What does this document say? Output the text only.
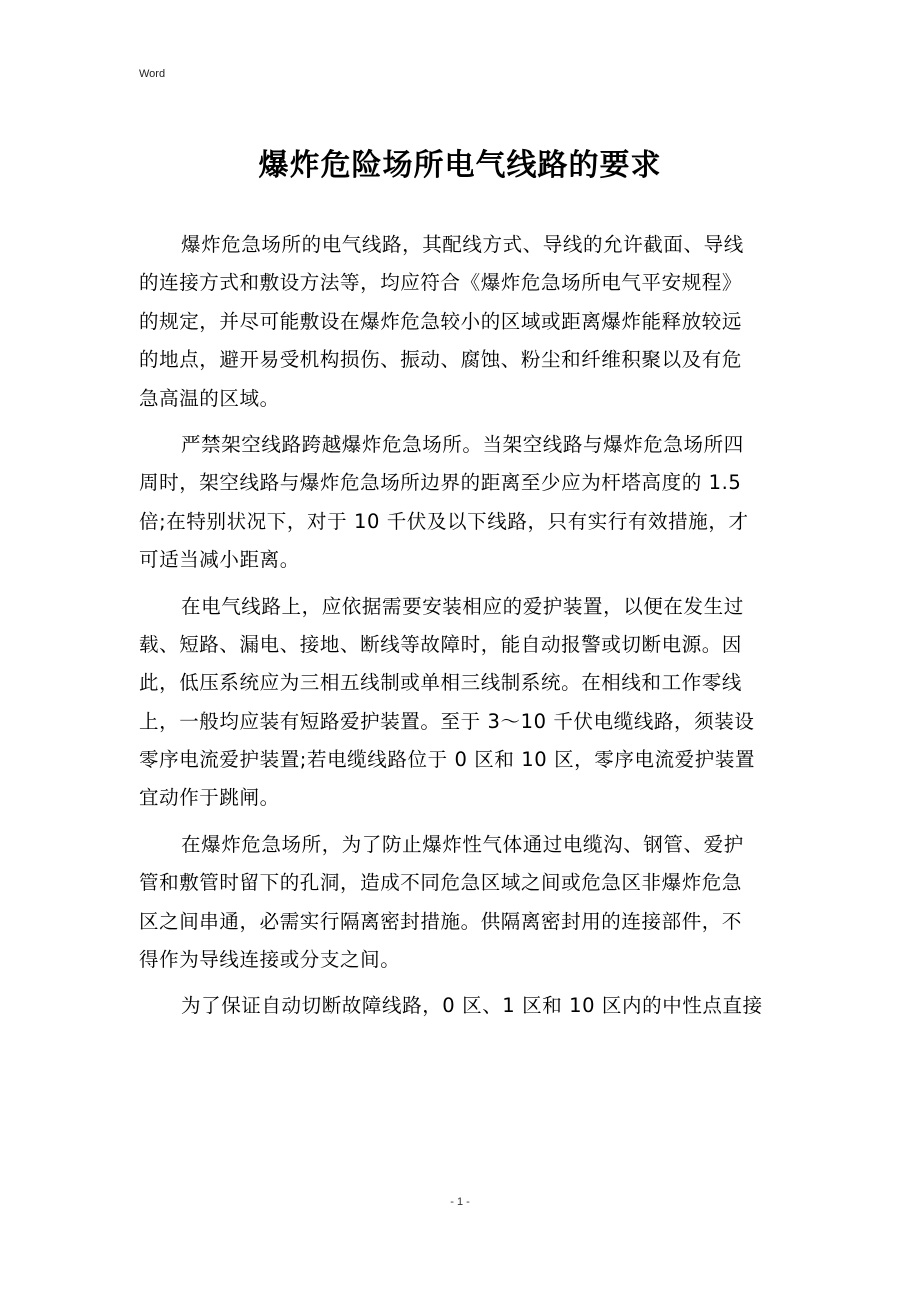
Word
爆炸危险场所电气线路的要求

爆炸危急场所的电气线路，其配线方式、导线的允许截面、导线
的连接方式和敷设方法等，均应符合《爆炸危急场所电气平安规程》
的规定，并尽可能敷设在爆炸危急较小的区域或距离爆炸能释放较远
的地点，避开易受机构损伤、振动、腐蚀、粉尘和纤维积聚以及有危
急高温的区域。

严禁架空线路跨越爆炸危急场所。当架空线路与爆炸危急场所四
周时，架空线路与爆炸危急场所边界的距离至少应为杆塔高度的 1.5
倍;在特别状况下，对于 10 千伏及以下线路，只有实行有效措施，才
可适当减小距离。

在电气线路上，应依据需要安装相应的爱护装置，以便在发生过
载、短路、漏电、接地、断线等故障时，能自动报警或切断电源。因
此，低压系统应为三相五线制或单相三线制系统。在相线和工作零线
上，一般均应装有短路爱护装置。至于 3～10 千伏电缆线路，须装设
零序电流爱护装置;若电缆线路位于 0 区和 10 区，零序电流爱护装置
宜动作于跳闸。

在爆炸危急场所，为了防止爆炸性气体通过电缆沟、钢管、爱护
管和敷管时留下的孔洞，造成不同危急区域之间或危急区非爆炸危急
区之间串通，必需实行隔离密封措施。供隔离密封用的连接部件，不
得作为导线连接或分支之间。

为了保证自动切断故障线路，0 区、1 区和 10 区内的中性点直接

- 1 -
